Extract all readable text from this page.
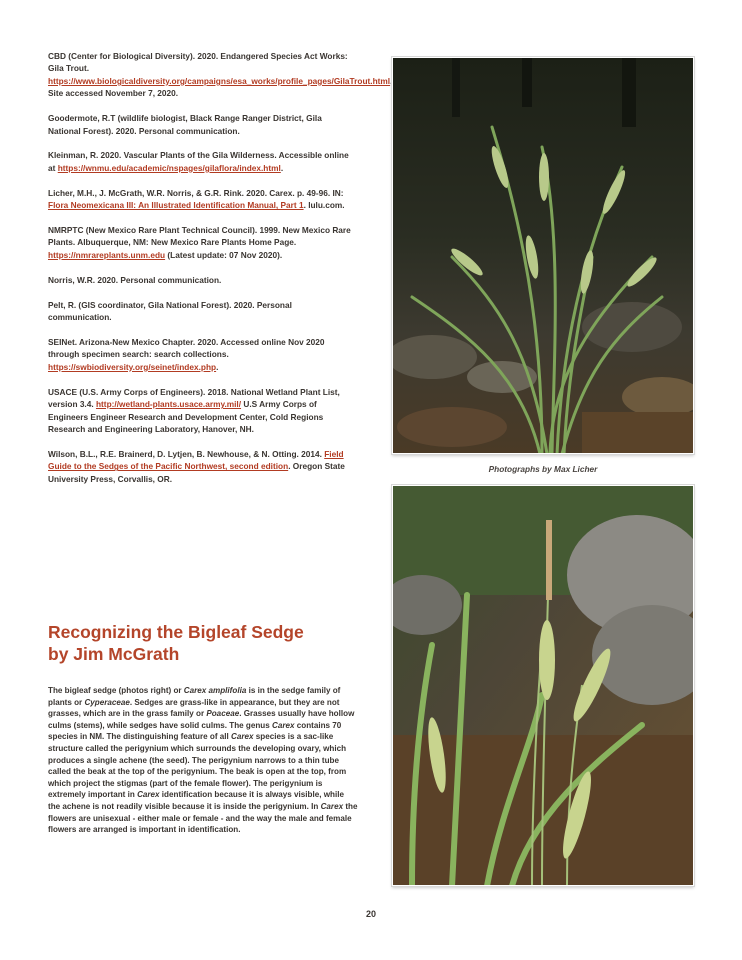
CBD (Center for Biological Diversity). 2020. Endangered Species Act Works: Gila Trout. https://www.biologicaldiversity.org/campaigns/esa_works/profile_pages/GilaTrout.html. Site accessed November 7, 2020.

Goodermote, R.T (wildlife biologist, Black Range Ranger District, Gila National Forest). 2020. Personal communication.

Kleinman, R. 2020. Vascular Plants of the Gila Wilderness. Accessible online at https://wnmu.edu/academic/nspages/gilaflora/index.html.

Licher, M.H., J. McGrath, W.R. Norris, & G.R. Rink. 2020. Carex. p. 49-96. IN: Flora Neomexicana III: An Illustrated Identification Manual, Part 1. lulu.com.

NMRPTC (New Mexico Rare Plant Technical Council). 1999. New Mexico Rare Plants. Albuquerque, NM: New Mexico Rare Plants Home Page. https://nmrareplants.unm.edu (Latest update: 07 Nov 2020).

Norris, W.R. 2020. Personal communication.

Pelt, R. (GIS coordinator, Gila National Forest). 2020. Personal communication.

SEINet. Arizona-New Mexico Chapter. 2020. Accessed online Nov 2020 through specimen search: search collections. https://swbiodiversity.org/seinet/index.php.

USACE (U.S. Army Corps of Engineers). 2018. National Wetland Plant List, version 3.4. http://wetland-plants.usace.army.mil/ U.S Army Corps of Engineers Engineer Research and Development Center, Cold Regions Research and Engineering Laboratory, Hanover, NH.

Wilson, B.L., R.E. Brainerd, D. Lytjen, B. Newhouse, & N. Otting. 2014. Field Guide to the Sedges of the Pacific Northwest, second edition. Oregon State University Press, Corvallis, OR.

Recognizing the Bigleaf Sedge
by Jim McGrath
The bigleaf sedge (photos right) or Carex amplifolia is in the sedge family of plants or Cyperaceae. Sedges are grass-like in appearance, but they are not grasses, which are in the grass family or Poaceae. Grasses usually have hollow culms (stems), while sedges have solid culms. The genus Carex contains 70 species in NM. The distinguishing feature of all Carex species is a sac-like structure called the perigynium which surrounds the developing ovary, which produces a single achene (the seed). The perigynium narrows to a thin tube called the beak at the top of the perigynium. The beak is open at the top, from which project the stigmas (part of the female flower). The perigynium is extremely important in Carex identification because it is always visible, while the achene is not readily visible because it is inside the perigynium. In Carex the flowers are unisexual - either male or female - and the way the male and female flowers are arranged is important in identification.
Photographs by Max Licher
20
